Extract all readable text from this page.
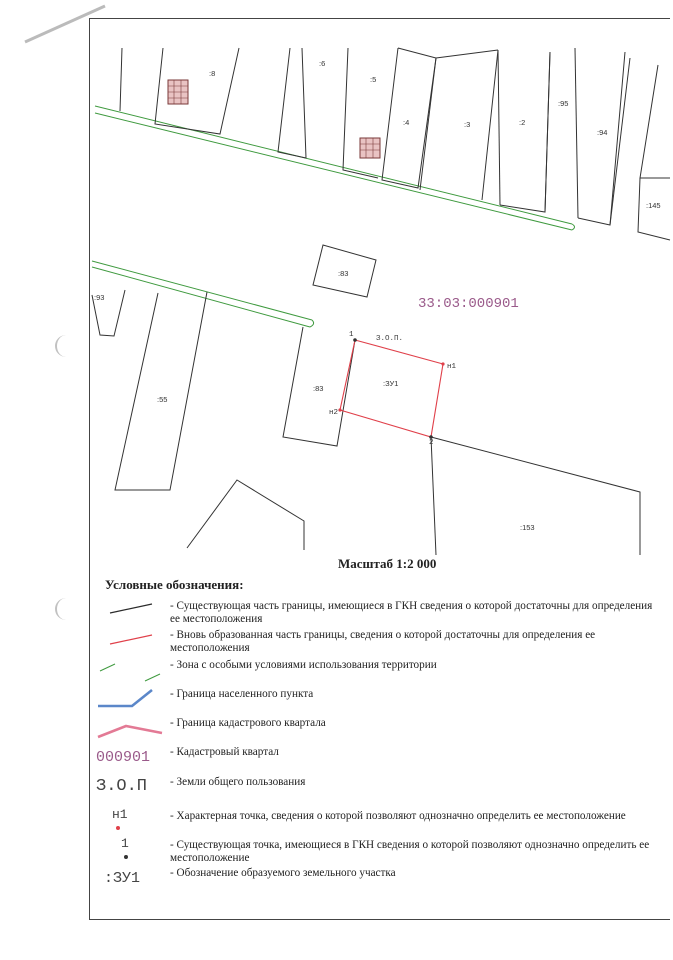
:8
:6
:5
:4	:3	:2
:95
:94
:145
:83
:93
:55
:83
:ЗУ1
:153
33:03:000901
З.О.П.
1
н1
н2
2
Масштаб 1:2 000
Условные обозначения:
- Существующая часть границы, имеющиеся в ГКН сведения о которой достаточны для определения ее местоположения
- Вновь образованная часть границы, сведения о которой достаточны для определения ее местоположения
- Зона с особыми условиями использования территории
- Граница населенного пункта
- Граница кадастрового квартала
- Кадастровый квартал
- Земли общего пользования
- Характерная точка, сведения о которой позволяют однозначно определить ее местоположение
- Существующая точка, имеющиеся в ГКН сведения о которой позволяют однозначно определить ее местоположение
- Обозначение образуемого земельного участка
000901
З.О.П
н1
1
:ЗУ1
